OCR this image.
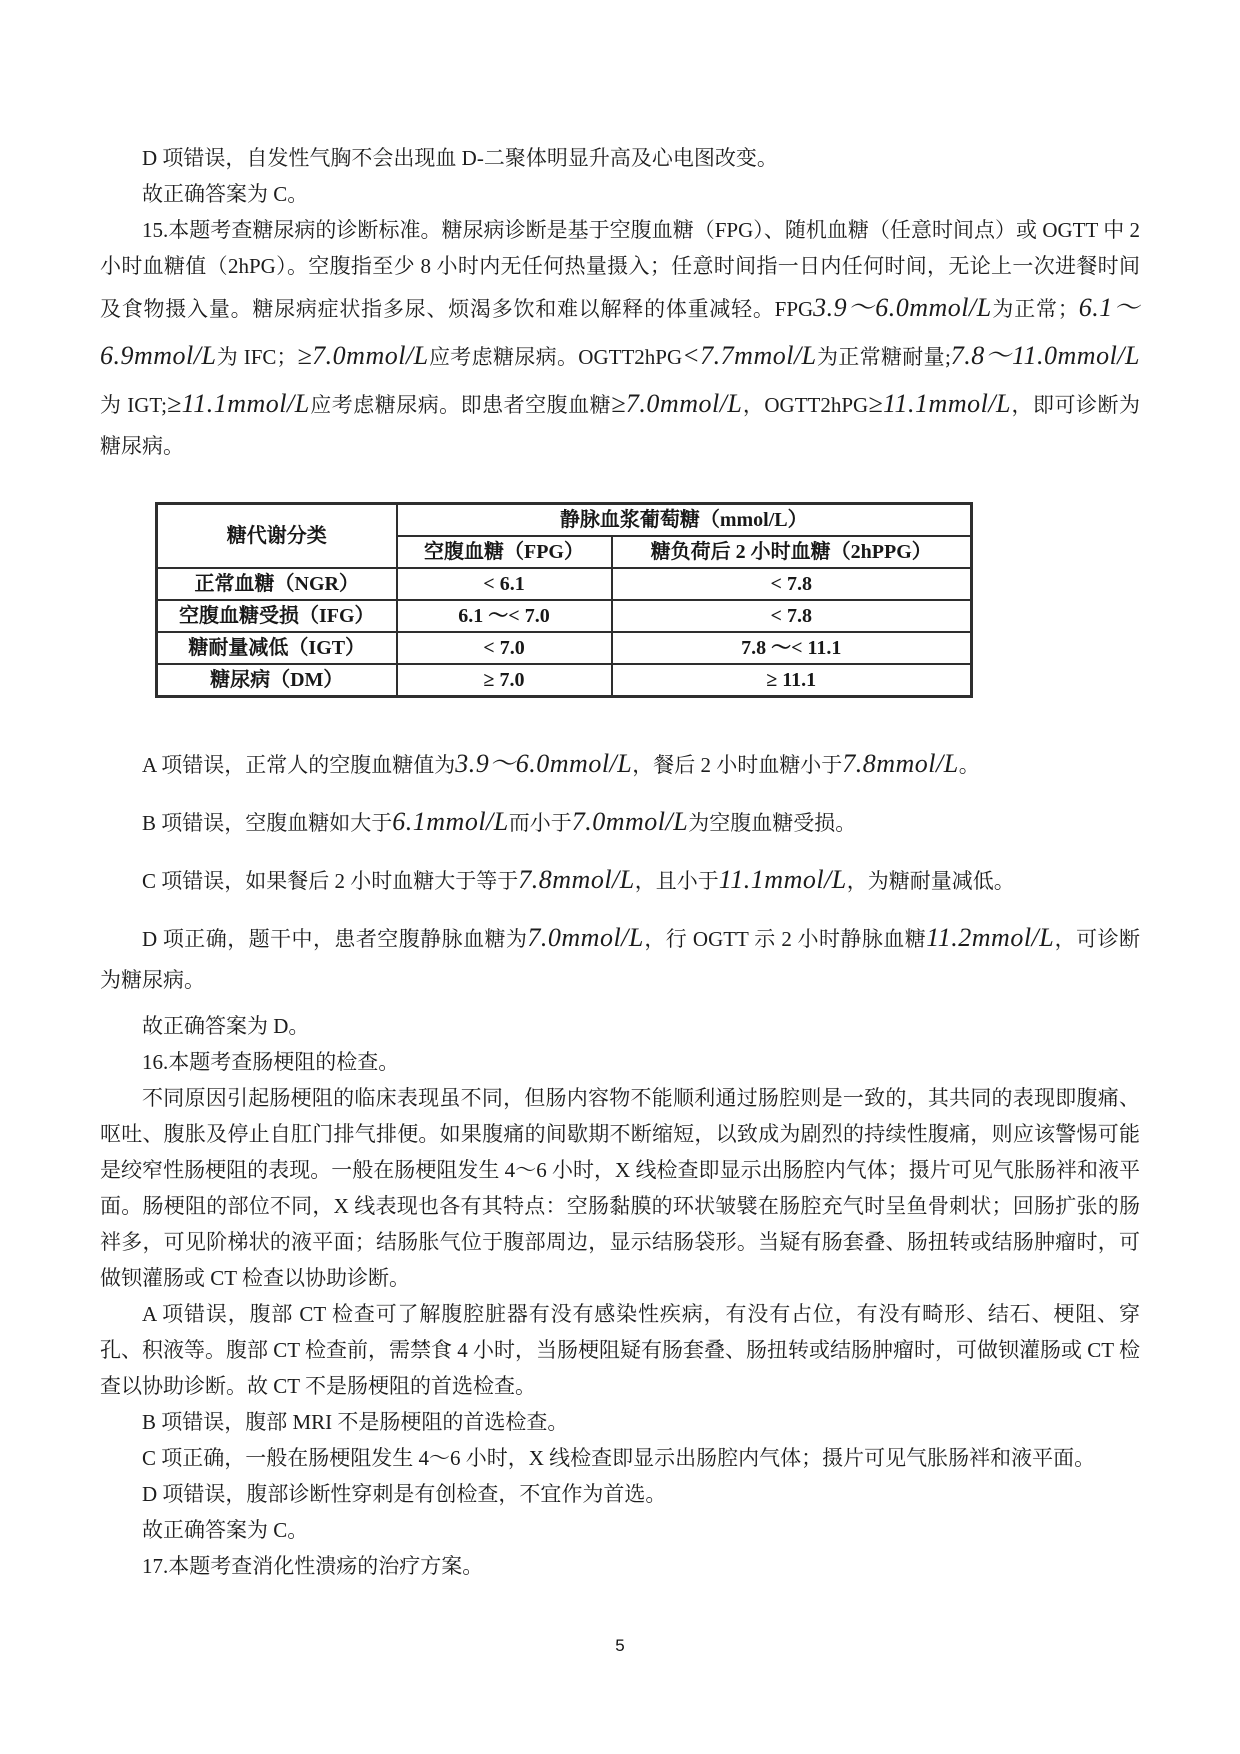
D 项错误，自发性气胸不会出现血 D-二聚体明显升高及心电图改变。

故正确答案为 C。

15.本题考查糖尿病的诊断标准。糖尿病诊断是基于空腹血糖（FPG）、随机血糖（任意时间点）或 OGTT 中 2 小时血糖值（2hPG）。空腹指至少 8 小时内无任何热量摄入；任意时间指一日内任何时间，无论上一次进餐时间及食物摄入量。糖尿病症状指多尿、烦渴多饮和难以解释的体重减轻。FPG3.9～6.0mmol/L为正常；6.1～6.9mmol/L为 IFC；≥7.0mmol/L应考虑糖尿病。OGTT2hPG<7.7mmol/L为正常糖耐量;7.8～11.0mmol/L为 IGT;≥11.1mmol/L应考虑糖尿病。即患者空腹血糖≥7.0mmol/L，OGTT2hPG≥11.1mmol/L，即可诊断为糖尿病。

糖代谢分类	静脉血浆葡萄糖（mmol/L）	
	空腹血糖（FPG）	糖负荷后 2 小时血糖（2hPPG）
正常血糖（NGR）	< 6.1	< 7.8
空腹血糖受损（IFG）	6.1 ～< 7.0	< 7.8
糖耐量减低（IGT）	< 7.0	7.8 ～< 11.1
糖尿病（DM）	≥ 7.0	≥ 11.1

A 项错误，正常人的空腹血糖值为3.9～6.0mmol/L，餐后 2 小时血糖小于7.8mmol/L。

B 项错误，空腹血糖如大于6.1mmol/L而小于7.0mmol/L为空腹血糖受损。

C 项错误，如果餐后 2 小时血糖大于等于7.8mmol/L，且小于11.1mmol/L，为糖耐量减低。

D 项正确，题干中，患者空腹静脉血糖为7.0mmol/L，行 OGTT 示 2 小时静脉血糖11.2mmol/L，可诊断为糖尿病。

故正确答案为 D。

16.本题考查肠梗阻的检查。

不同原因引起肠梗阻的临床表现虽不同，但肠内容物不能顺利通过肠腔则是一致的，其共同的表现即腹痛、呕吐、腹胀及停止自肛门排气排便。如果腹痛的间歇期不断缩短，以致成为剧烈的持续性腹痛，则应该警惕可能是绞窄性肠梗阻的表现。一般在肠梗阻发生 4～6 小时，X 线检查即显示出肠腔内气体；摄片可见气胀肠袢和液平面。肠梗阻的部位不同，X 线表现也各有其特点：空肠黏膜的环状皱襞在肠腔充气时呈鱼骨刺状；回肠扩张的肠袢多，可见阶梯状的液平面；结肠胀气位于腹部周边，显示结肠袋形。当疑有肠套叠、肠扭转或结肠肿瘤时，可做钡灌肠或 CT 检查以协助诊断。

A 项错误，腹部 CT 检查可了解腹腔脏器有没有感染性疾病，有没有占位，有没有畸形、结石、梗阻、穿孔、积液等。腹部 CT 检查前，需禁食 4 小时，当肠梗阻疑有肠套叠、肠扭转或结肠肿瘤时，可做钡灌肠或 CT 检查以协助诊断。故 CT 不是肠梗阻的首选检查。

B 项错误，腹部 MRI 不是肠梗阻的首选检查。

C 项正确，一般在肠梗阻发生 4～6 小时，X 线检查即显示出肠腔内气体；摄片可见气胀肠袢和液平面。

D 项错误，腹部诊断性穿刺是有创检查，不宜作为首选。

故正确答案为 C。

17.本题考查消化性溃疡的治疗方案。

5
